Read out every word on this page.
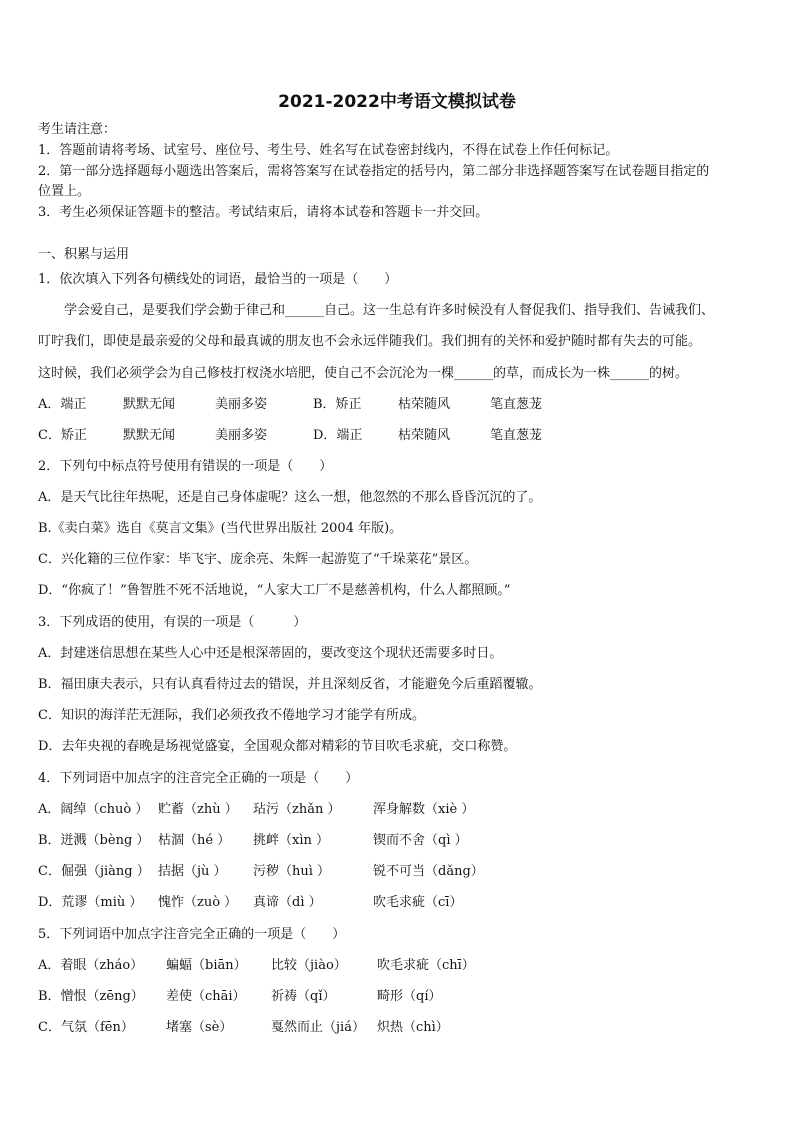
2021-2022中考语文模拟试卷
考生请注意：
1．答题前请将考场、试室号、座位号、考生号、姓名写在试卷密封线内，不得在试卷上作任何标记。
2．第一部分选择题每小题选出答案后，需将答案写在试卷指定的括号内，第二部分非选择题答案写在试卷题目指定的
位置上。
3．考生必须保证答题卡的整洁。考试结束后，请将本试卷和答题卡一并交回。
一、积累与运用
1．依次填入下列各句横线处的词语，最恰当的一项是（　　）
　　学会爱自己，是要我们学会勤于律己和______自己。这一生总有许多时候没有人督促我们、指导我们、告诫我们、
叮咛我们，即使是最亲爱的父母和最真诚的朋友也不会永远伴随我们。我们拥有的关怀和爱护随时都有失去的可能。
这时候，我们必须学会为自己修枝打杈浇水培肥，使自己不会沉沦为一棵______的草，而成长为一株______的树。
A．端正	默默无闻	美丽多姿	B．矫正	枯荣随风	笔直葱茏
C．矫正	默默无闻	美丽多姿	D．端正	枯荣随风	笔直葱茏
2．下列句中标点符号使用有错误的一项是（　　）
A．是天气比往年热呢，还是自己身体虚呢？这么一想，他忽然的不那么昏昏沉沉的了。
B.《卖白菜》选自《莫言文集》(当代世界出版社 2004 年版)。
C．兴化籍的三位作家：毕飞宇、庞余亮、朱辉一起游览了“千垛菜花”景区。
D．“你疯了！”鲁智胜不死不活地说，“人家大工厂不是慈善机构，什么人都照顾。”
3．下列成语的使用，有误的一项是（　　　）
A．封建迷信思想在某些人心中还是根深蒂固的，要改变这个现状还需要多时日。
B．福田康夫表示，只有认真看待过去的错误，并且深刻反省，才能避免今后重蹈覆辙。
C．知识的海洋茫无涯际，我们必须孜孜不倦地学习才能学有所成。
D．去年央视的春晚是场视觉盛宴，全国观众都对精彩的节目吹毛求疵，交口称赞。
4．下列词语中加点字的注音完全正确的一项是（　　）
A．阔绰（chuò ） 贮蓄（zhù ） 玷污（zhǎn ）	浑身解数（xiè ）
B．迸溅（bèng ） 枯涸（hé ） 挑衅（xìn ）	锲而不舍（qì ）
C．倔强（jiàng ） 拮据（jù ） 污秽（huì ）	锐不可当（dǎng）
D．荒谬（miù ） 愧怍（zuò ） 真谛（dì ）	吹毛求疵（cī）
5．下列词语中加点字注音完全正确的一项是（　　）
A．着眼（zháo） 蝙蝠（biān） 比较（jiào） 吹毛求疵（chī）
B．憎恨（zēng） 差使（chāi） 祈祷（qǐ）	畸形（qí）
C．气氛（fēn） 堵塞（sè）	戛然而止（jiá） 炽热（chì）
